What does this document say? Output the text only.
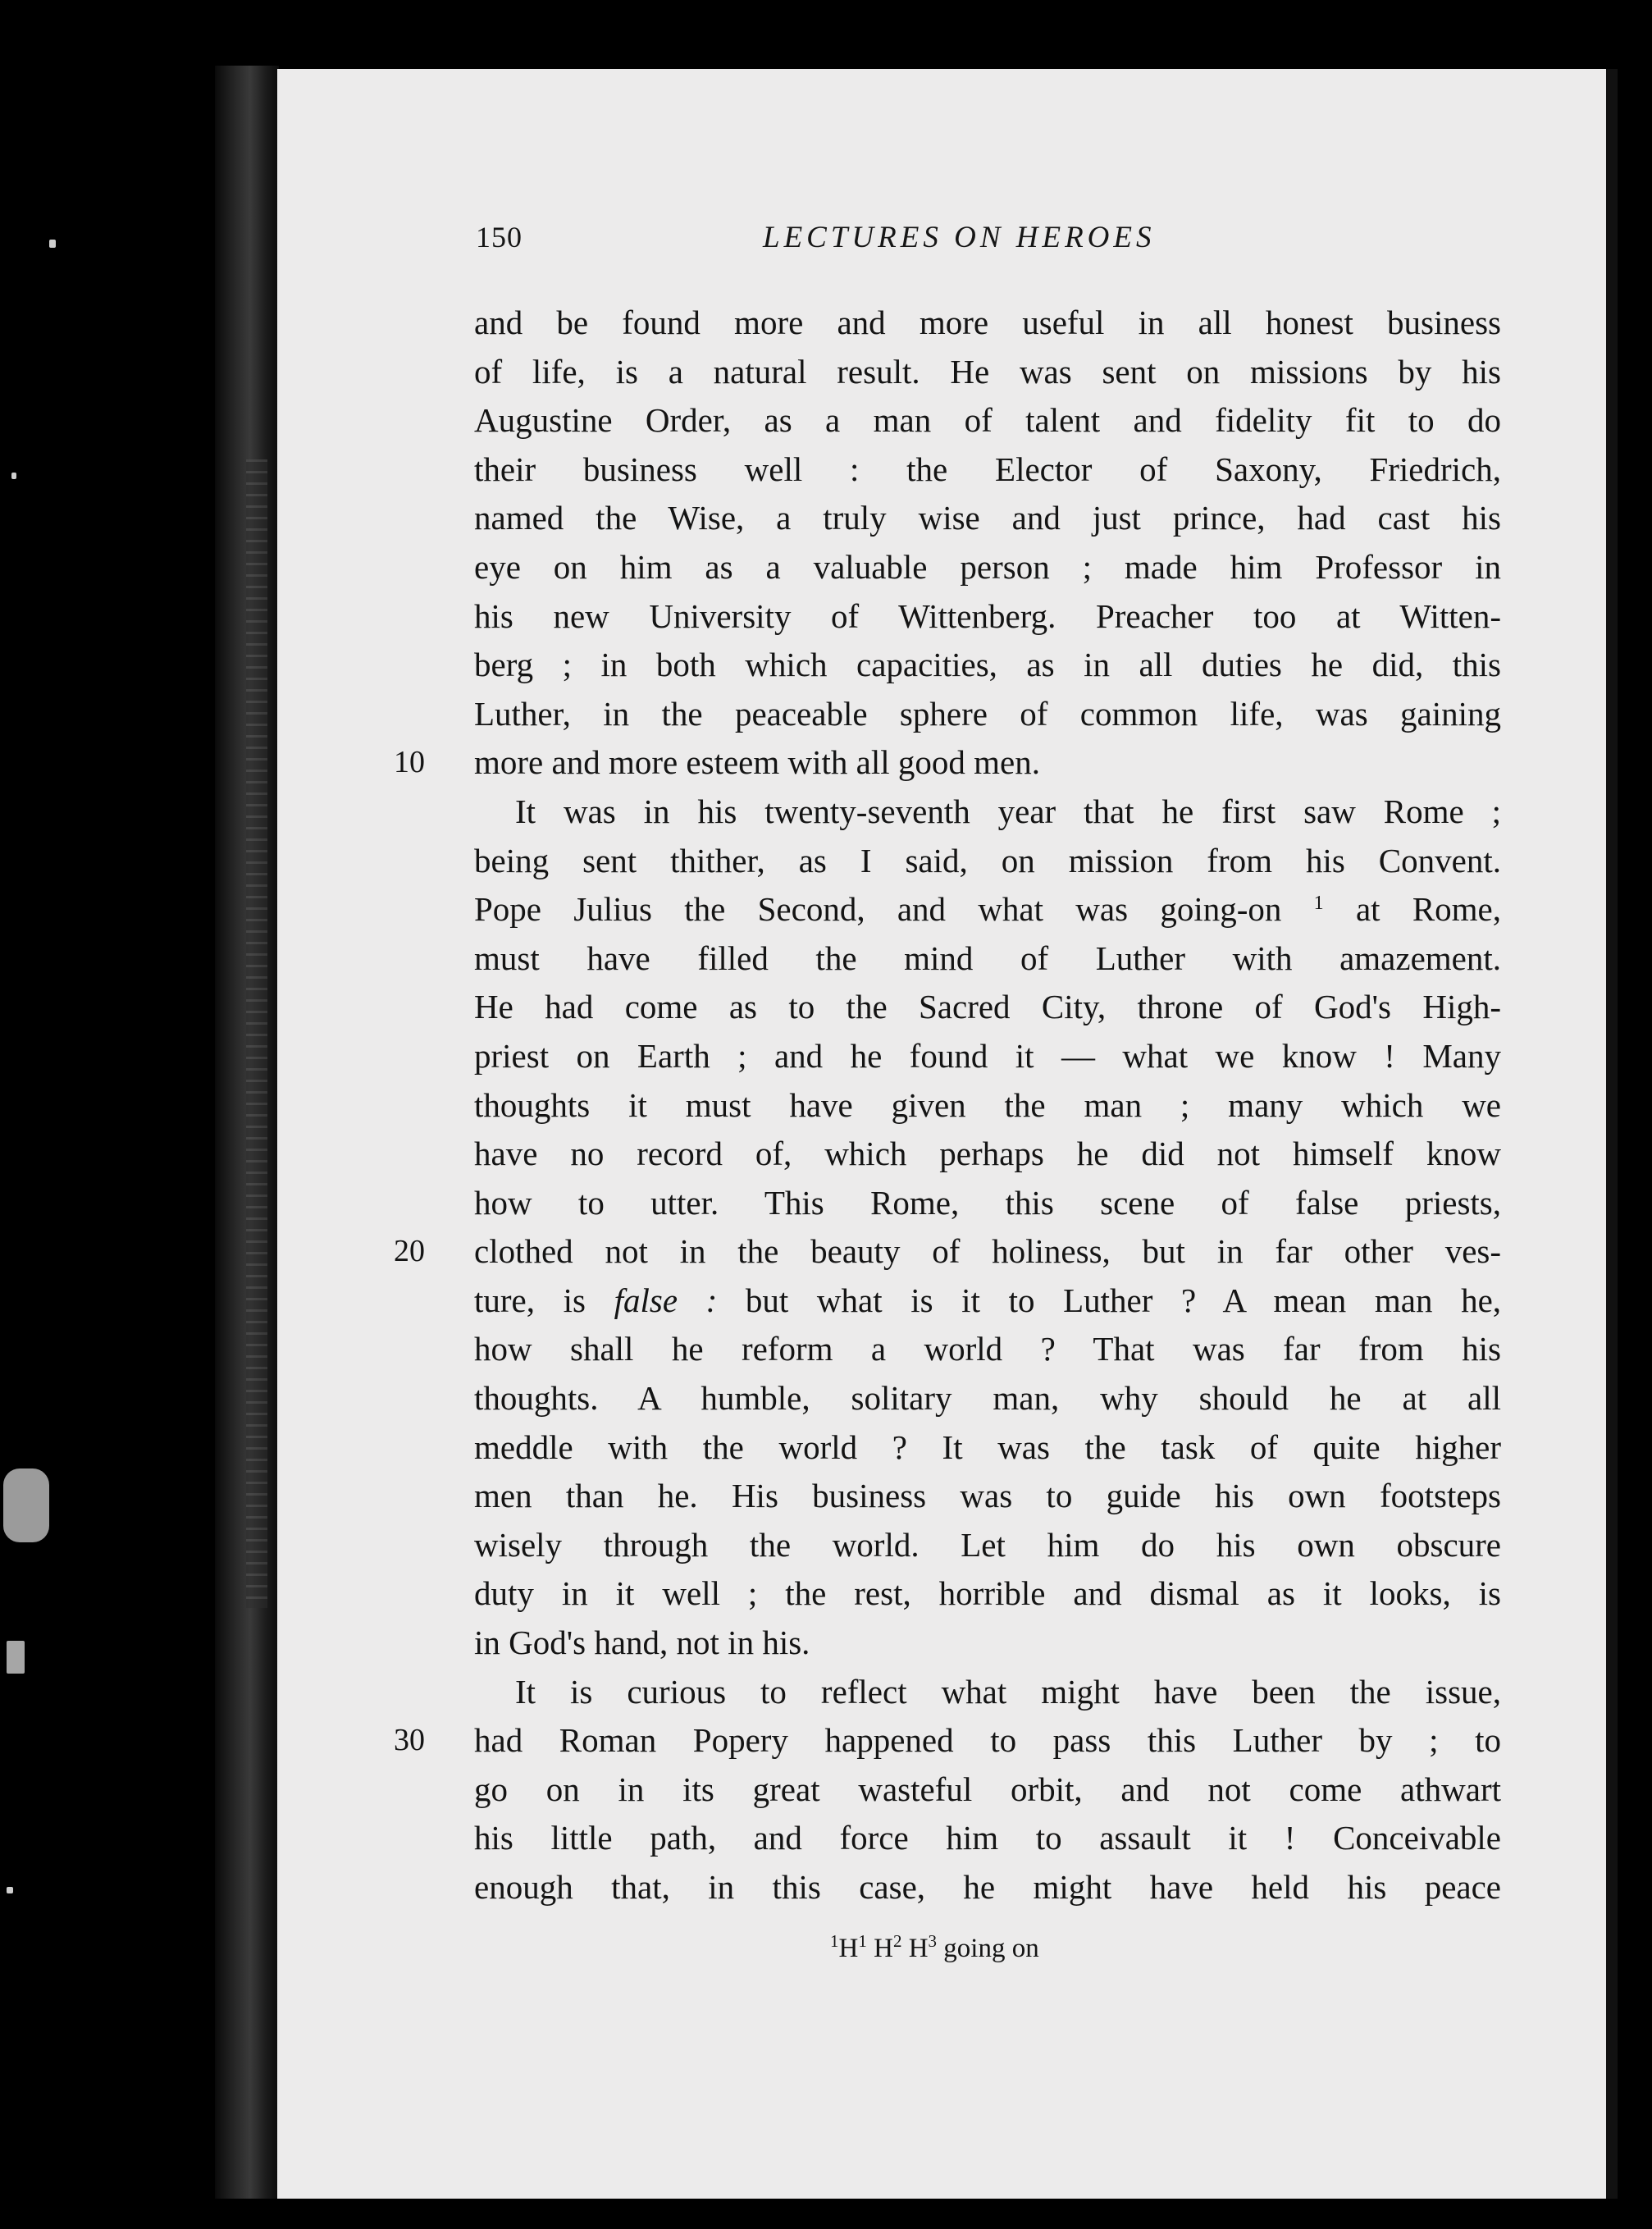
150	LECTURES ON HEROES
and be found more and more useful in all honest business
of life, is a natural result. He was sent on missions by his
Augustine Order, as a man of talent and fidelity fit to do
their business well : the Elector of Saxony, Friedrich,
named the Wise, a truly wise and just prince, had cast his
eye on him as a valuable person ; made him Professor in
his new University of Wittenberg. Preacher too at Witten-
berg ; in both which capacities, as in all duties he did, this
Luther, in the peaceable sphere of common life, was gaining
10 more and more esteem with all good men.
It was in his twenty-seventh year that he first saw Rome ;
being sent thither, as I said, on mission from his Convent.
Pope Julius the Second, and what was going-on $^1$ at Rome,
must have filled the mind of Luther with amazement.
He had come as to the Sacred City, throne of God's High-
priest on Earth ; and he found it — what we know ! Many
thoughts it must have given the man ; many which we
have no record of, which perhaps he did not himself know
how to utter. This Rome, this scene of false priests,
20 clothed not in the beauty of holiness, but in far other ves-
ture, is false : but what is it to Luther ? A mean man he,
how shall he reform a world ? That was far from his
thoughts. A humble, solitary man, why should he at all
meddle with the world ? It was the task of quite higher
men than he. His business was to guide his own footsteps
wisely through the world. Let him do his own obscure
duty in it well ; the rest, horrible and dismal as it looks, is
in God's hand, not in his.
It is curious to reflect what might have been the issue,
30 had Roman Popery happened to pass this Luther by ; to
go on in its great wasteful orbit, and not come athwart
his little path, and force him to assault it ! Conceivable
enough that, in this case, he might have held his peace
$^1H^1$ $H^2$ $H^3$ going on
